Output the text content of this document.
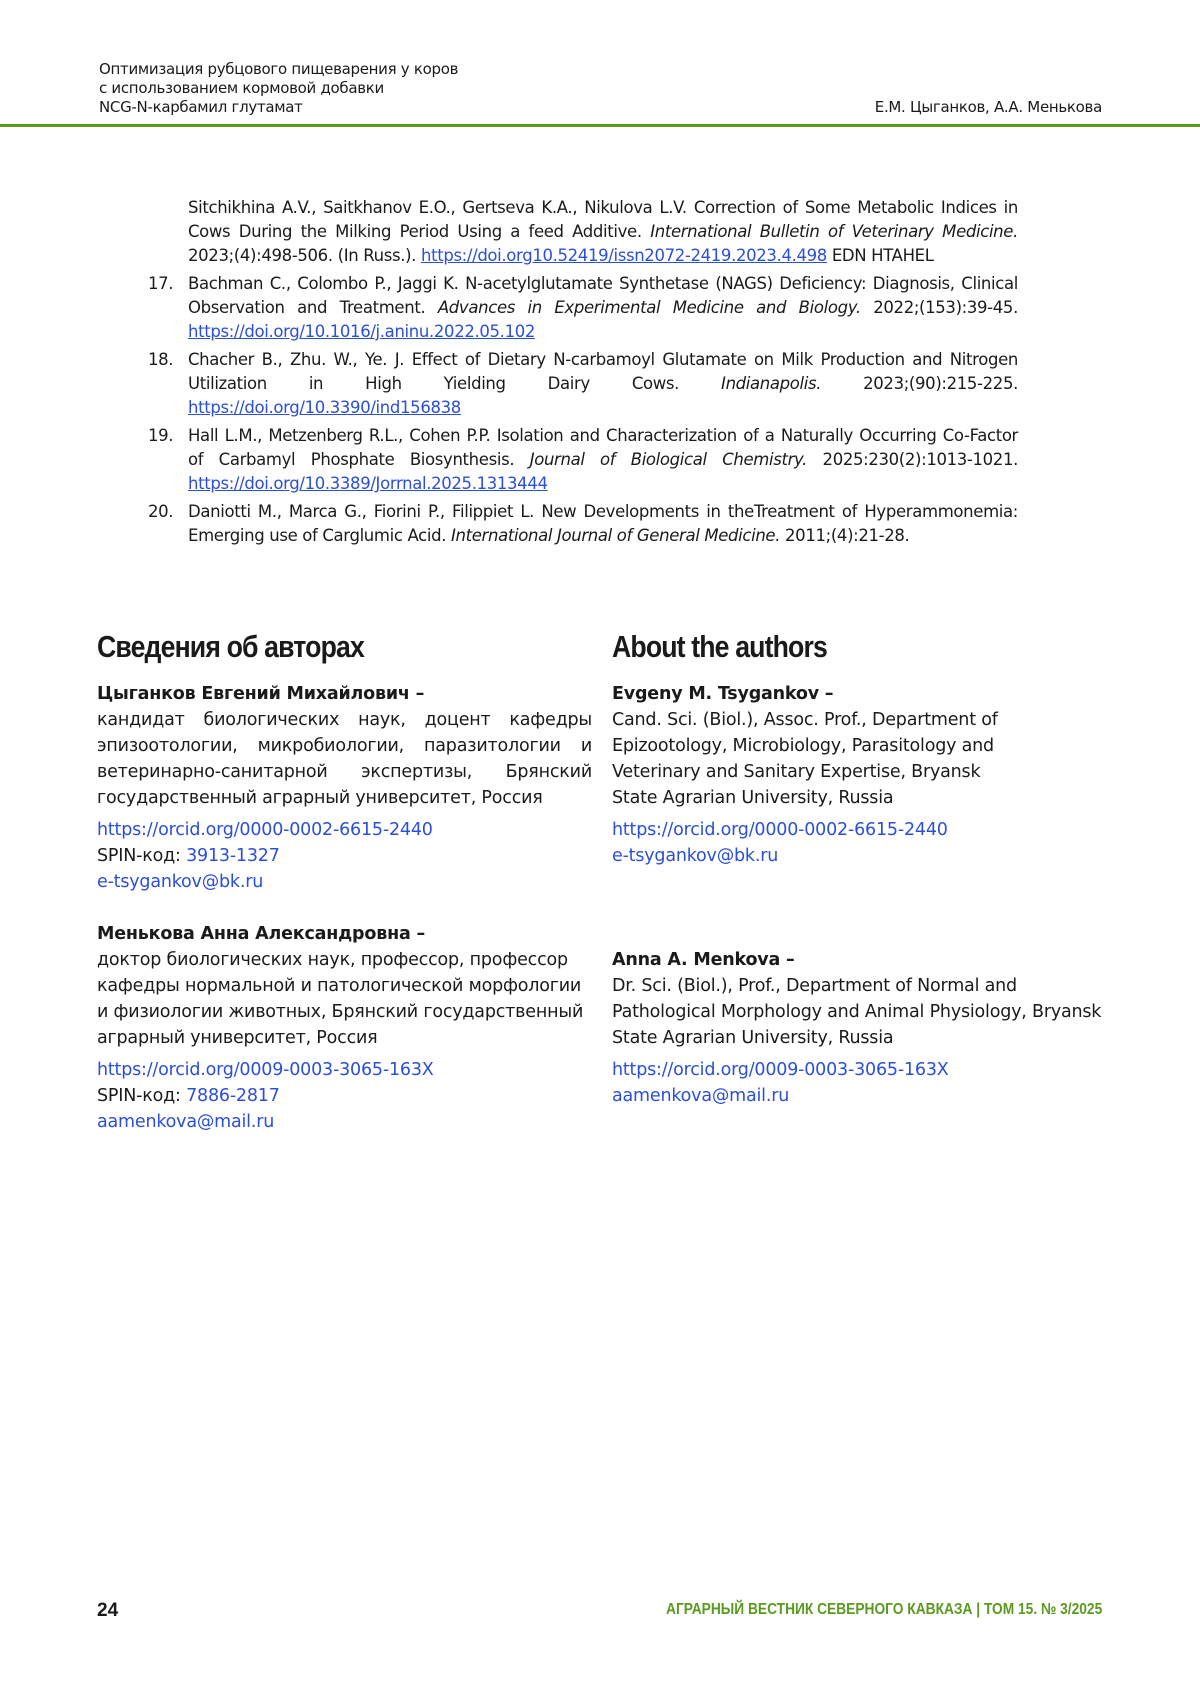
Оптимизация рубцового пищеварения у коров
с использованием кормовой добавки
NCG-N-карбамил глутамат	Е.М. Цыганков, А.А. Менькова
Sitchikhina A.V., Saitkhanov E.O., Gertseva K.A., Nikulova L.V. Correction of Some Metabolic Indices in Cows During the Milking Period Using a feed Additive. International Bulletin of Veterinary Medicine. 2023;(4):498-506. (In Russ.). https://doi.org10.52419/issn2072-2419.2023.4.498 EDN HTAHEL
17. Bachman C., Colombo P., Jaggi K. N-acetylglutamate Synthetase (NAGS) Deficiency: Diagnosis, Clinical Observation and Treatment. Advances in Experimental Medicine and Biology. 2022;(153):39-45. https://doi.org/10.1016/j.aninu.2022.05.102
18. Chacher B., Zhu. W., Ye. J. Effect of Dietary N-carbamoyl Glutamate on Milk Production and Nitrogen Utilization in High Yielding Dairy Cows. Indianapolis. 2023;(90):215-225. https://doi.org/10.3390/ind156838
19. Hall L.M., Metzenberg R.L., Cohen P.P. Isolation and Characterization of a Naturally Occurring Co-Factor of Carbamyl Phosphate Biosynthesis. Journal of Biological Chemistry. 2025:230(2):1013-1021. https://doi.org/10.3389/Jorrnal.2025.1313444
20. Daniotti M., Marca G., Fiorini P., Filippiet L. New Developments in theTreatment of Hyperammonemia: Emerging use of Carglumic Acid. International Journal of General Medicine. 2011;(4):21-28.
Сведения об авторах
Цыганков Евгений Михайлович –
кандидат биологических наук, доцент кафедры эпизоотологии, микробиологии, паразитологии и ветеринарно-санитарной экспертизы, Брянский государственный аграрный университет, Россия
https://orcid.org/0000-0002-6615-2440
SPIN-код: 3913-1327
e-tsygankov@bk.ru
Менькова Анна Александровна –
доктор биологических наук, профессор, профессор кафедры нормальной и патологической морфологии и физиологии животных, Брянский государственный аграрный университет, Россия
https://orcid.org/0009-0003-3065-163X
SPIN-код: 7886-2817
aamenkova@mail.ru
About the authors
Evgeny M. Tsygankov –
Cand. Sci. (Biol.), Assoc. Prof., Department of Epizootology, Microbiology, Parasitology and Veterinary and Sanitary Expertise, Bryansk State Agrarian University, Russia
https://orcid.org/0000-0002-6615-2440
e-tsygankov@bk.ru
Anna A. Menkova –
Dr. Sci. (Biol.), Prof., Department of Normal and Pathological Morphology and Animal Physiology, Bryansk State Agrarian University, Russia
https://orcid.org/0009-0003-3065-163X
aamenkova@mail.ru
24	АГРАРНЫЙ ВЕСТНИК СЕВЕРНОГО КАВКАЗА | ТОМ 15. № 3/2025
